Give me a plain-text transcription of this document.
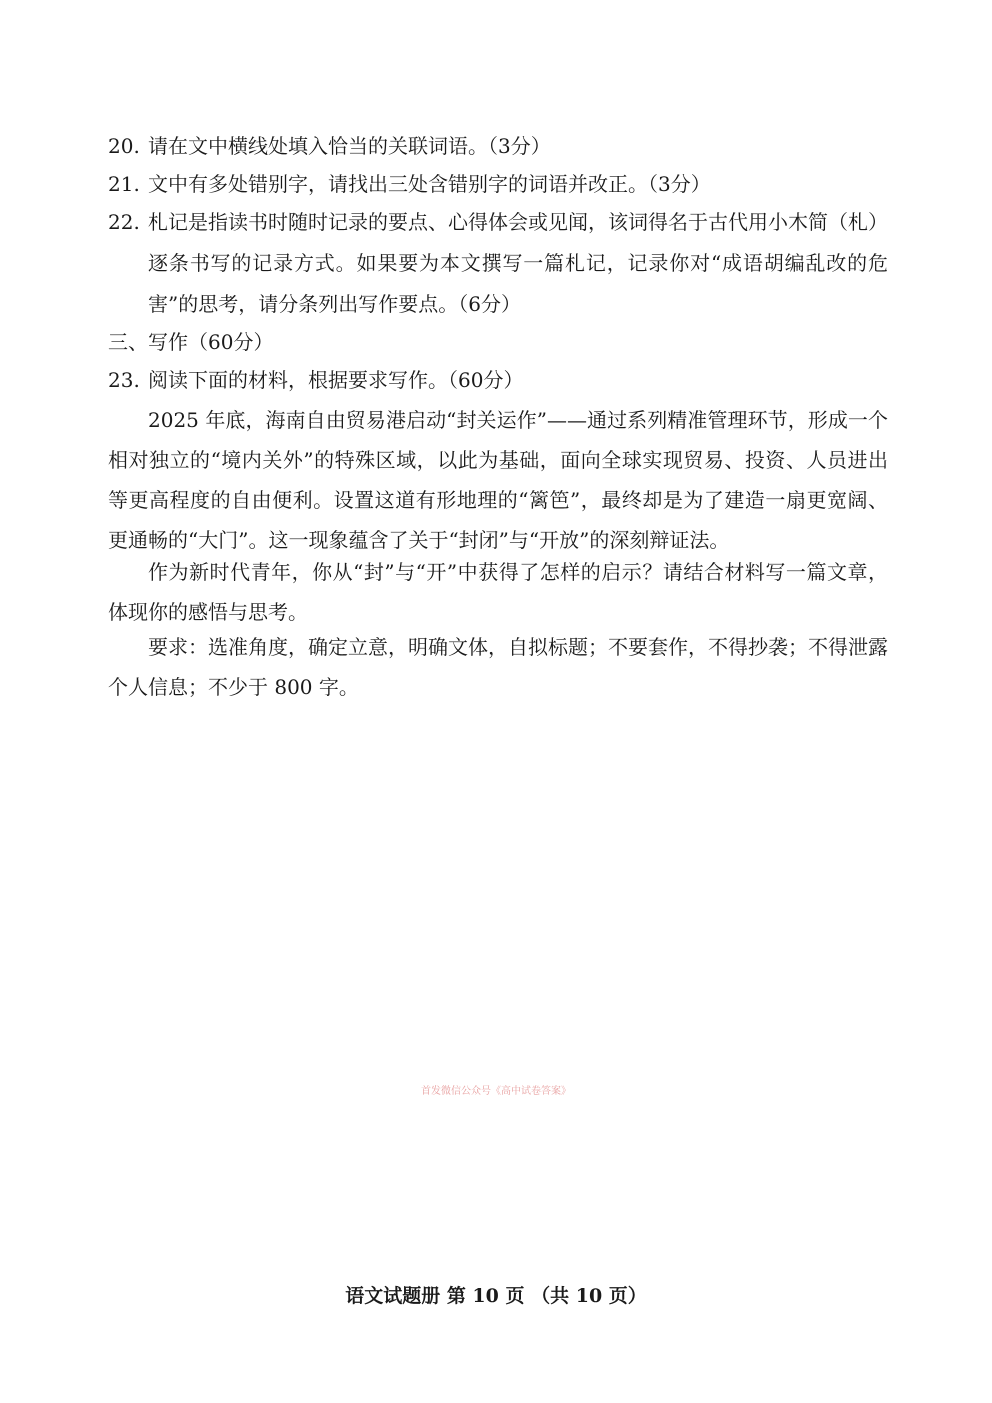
20. 请在文中横线处填入恰当的关联词语。（3分）
21. 文中有多处错别字，请找出三处含错别字的词语并改正。（3分）
22. 札记是指读书时随时记录的要点、心得体会或见闻，该词得名于古代用小木简（札）逐条书写的记录方式。如果要为本文撰写一篇札记，记录你对“成语胡编乱改的危害”的思考，请分条列出写作要点。（6分）
三、写作（60分）
23. 阅读下面的材料，根据要求写作。（60分）
2025 年底，海南自由贸易港启动“封关运作”——通过系列精准管理环节，形成一个相对独立的“境内关外”的特殊区域，以此为基础，面向全球实现贸易、投资、人员进出等更高程度的自由便利。设置这道有形地理的“篱笆”，最终却是为了建造一扇更宽阔、更通畅的“大门”。这一现象蕴含了关于“封闭”与“开放”的深刻辩证法。
作为新时代青年，你从“封”与“开”中获得了怎样的启示？请结合材料写一篇文章，体现你的感悟与思考。
要求：选准角度，确定立意，明确文体，自拟标题；不要套作，不得抄袭；不得泄露个人信息；不少于 800 字。
首发微信公众号《高中试卷答案》
语文试题册 第 10 页 （共 10 页）
